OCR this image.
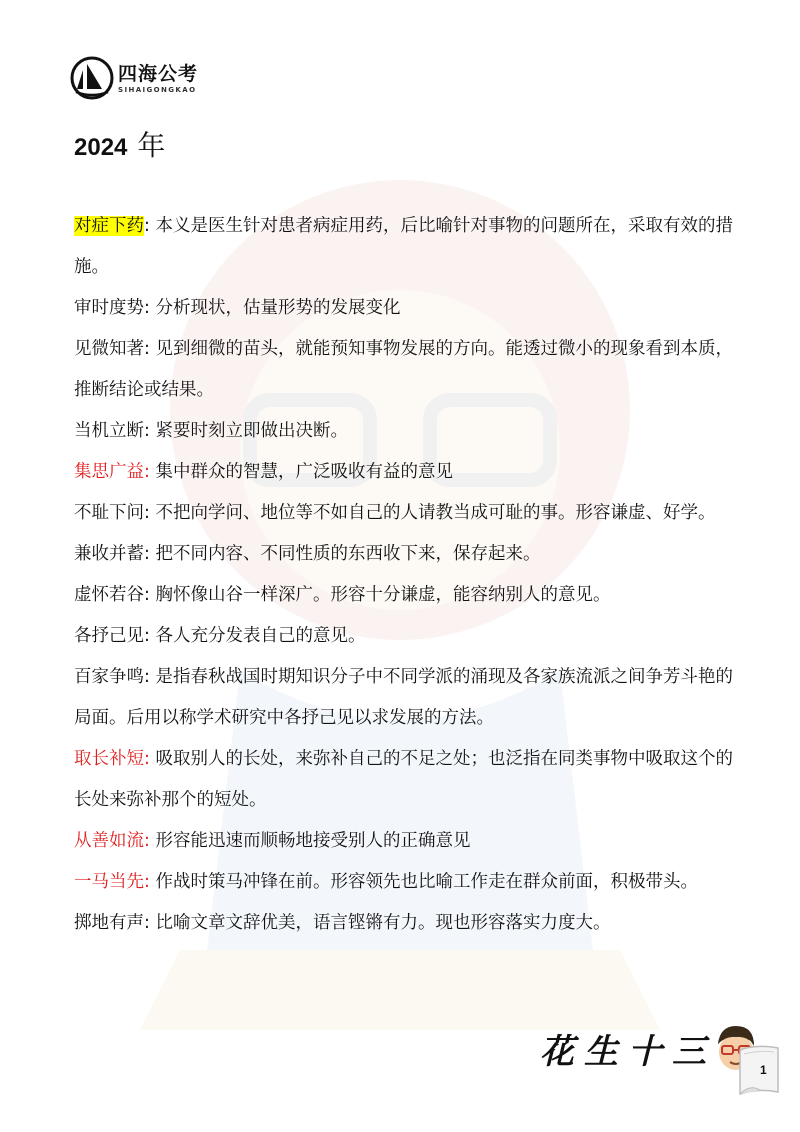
四海公考
SIHAIGONGKAO
2024 年

对症下药: 本义是医生针对患者病症用药，后比喻针对事物的问题所在，采取有效的措施。

审时度势: 分析现状，估量形势的发展变化

见微知著: 见到细微的苗头，就能预知事物发展的方向。能透过微小的现象看到本质，推断结论或结果。

当机立断: 紧要时刻立即做出决断。

集思广益: 集中群众的智慧，广泛吸收有益的意见

不耻下问: 不把向学问、地位等不如自己的人请教当成可耻的事。形容谦虚、好学。

兼收并蓄: 把不同内容、不同性质的东西收下来，保存起来。

虚怀若谷: 胸怀像山谷一样深广。形容十分谦虚，能容纳别人的意见。

各抒己见: 各人充分发表自己的意见。

百家争鸣: 是指春秋战国时期知识分子中不同学派的涌现及各家族流派之间争芳斗艳的局面。后用以称学术研究中各抒己见以求发展的方法。

取长补短: 吸取别人的长处，来弥补自己的不足之处；也泛指在同类事物中吸取这个的长处来弥补那个的短处。

从善如流: 形容能迅速而顺畅地接受别人的正确意见

一马当先: 作战时策马冲锋在前。形容领先也比喻工作走在群众前面，积极带头。

掷地有声: 比喻文章文辞优美，语言铿锵有力。现也形容落实力度大。

花生十三	1
